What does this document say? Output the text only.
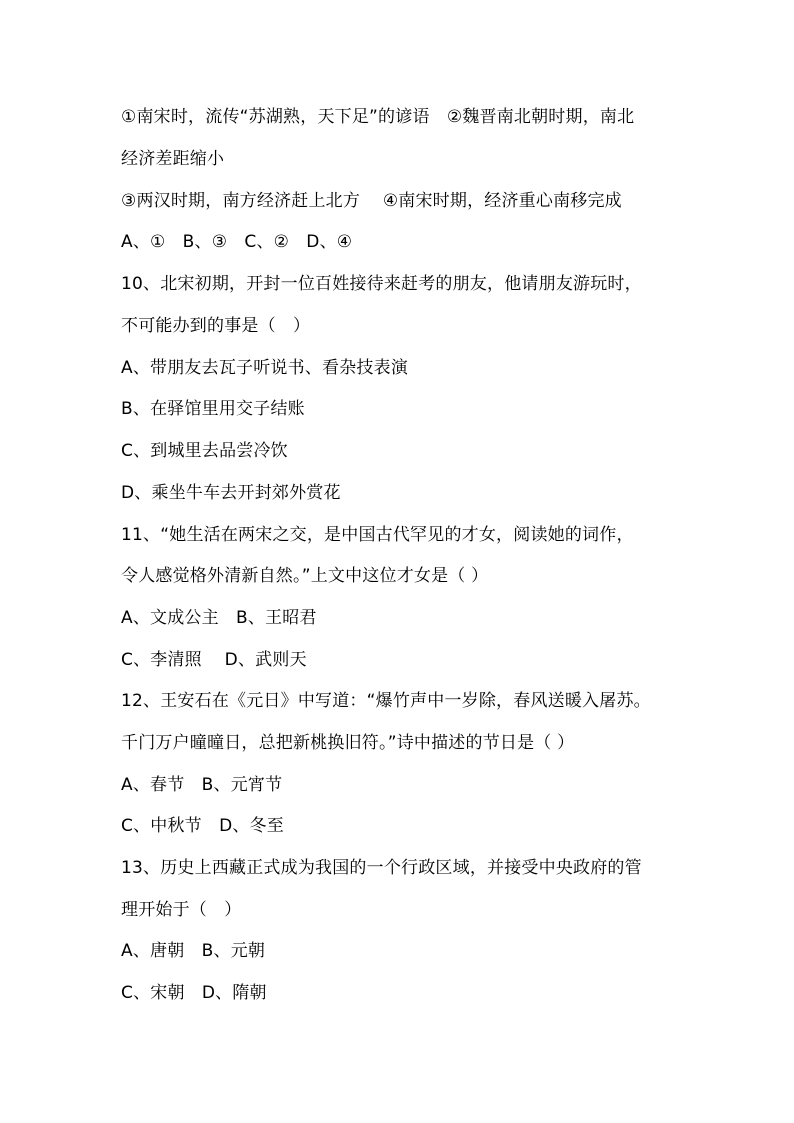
①南宋时，流传“苏湖熟，天下足”的谚语　②魏晋南北朝时期，南北
经济差距缩小
③两汉时期，南方经济赶上北方　 ④南宋时期，经济重心南移完成
A、①　B、③　C、②　D、④
10、北宋初期，开封一位百姓接待来赶考的朋友，他请朋友游玩时，
不可能办到的事是（　）
A、带朋友去瓦子听说书、看杂技表演
B、在驿馆里用交子结账
C、到城里去品尝冷饮
D、乘坐牛车去开封郊外赏花
11、“她生活在两宋之交，是中国古代罕见的才女，阅读她的词作，
令人感觉格外清新自然。”上文中这位才女是（ ）
A、文成公主　B、王昭君
C、李清照　 D、武则天
12、王安石在《元日》中写道：“爆竹声中一岁除，春风送暖入屠苏。
千门万户曈曈日，总把新桃换旧符。”诗中描述的节日是（ ）
A、春节　B、元宵节
C、中秋节　D、冬至
13、历史上西藏正式成为我国的一个行政区域，并接受中央政府的管
理开始于（　）
A、唐朝　B、元朝
C、宋朝　D、隋朝
